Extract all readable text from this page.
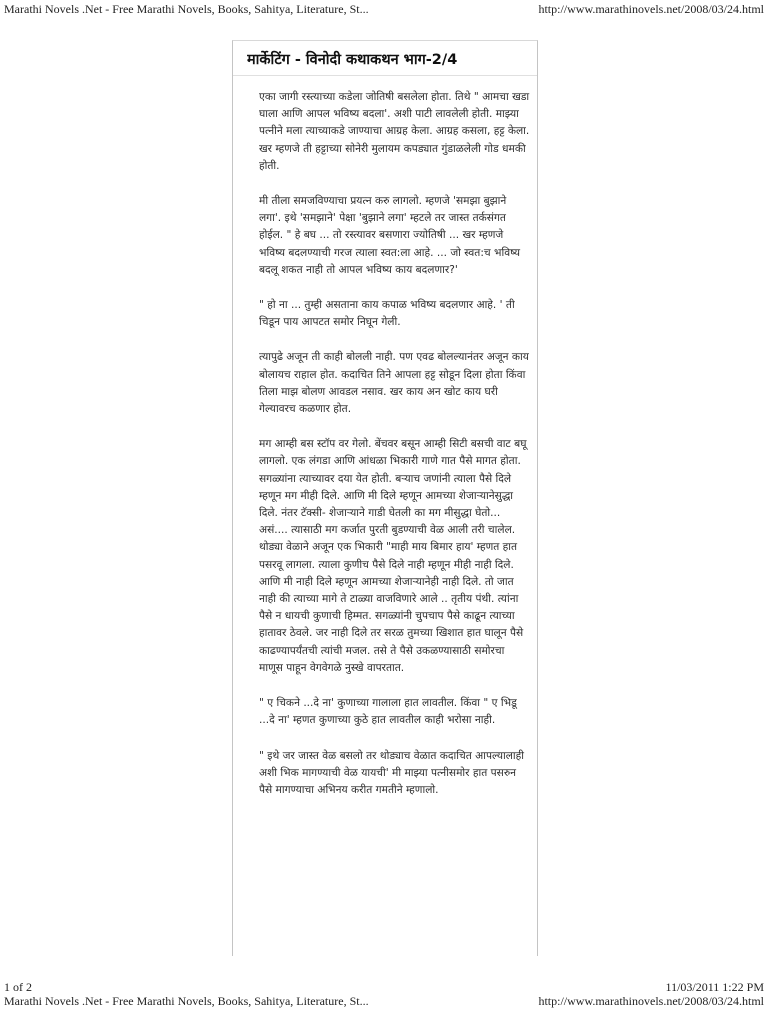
Marathi Novels .Net - Free Marathi Novels, Books, Sahitya, Literature, St...	http://www.marathinovels.net/2008/03/24.html
मार्केटिंग - विनोदी कथाकथन भाग-2/4

एका जागी रस्त्याच्या कडेला जोतिषी बसलेला होता. तिथे " आमचा खडा घाला आणि आपल भविष्य बदला'. अशी पाटी लावलेली होती. माझ्या पत्नीने मला त्याच्याकडे जाण्याचा आग्रह केला. आग्रह कसला, हट्ट केला. खर म्हणजे ती हट्टाच्या सोनेरी मुलायम कपड्यात गुंडाळलेली गोड धमकी होती.

मी तीला समजविण्याचा प्रयत्न करु लागलो. म्हणजे 'समझा बुझाने लगा'. इथे 'समझाने' पेक्षा 'बुझाने लगा' म्हटले तर जास्त तर्कसंगत होईल. " हे बघ ... तो रस्त्यावर बसणारा ज्योतिषी ... खर म्हणजे भविष्य बदलण्याची गरज त्याला स्वत:ला आहे. ... जो स्वत:च भविष्य बदलू शकत नाही तो आपल भविष्य काय बदलणार?'

" हो ना ... तुम्ही असताना काय कपाळ भविष्य बदलणार आहे. ' ती चिडून पाय आपटत समोर निघून गेली.

त्यापुढे अजून ती काही बोलली नाही. पण एवढ बोलल्यानंतर अजून काय बोलायच राहाल होत. कदाचित तिने आपला हट्ट सोडून दिला होता किंवा तिला माझ बोलण आवडल नसाव. खर काय अन खोट काय घरी गेल्यावरच कळणार होत.

मग आम्ही बस स्टॉप वर गेलो. बेंचवर बसून आम्ही सिटी बसची वाट बघू लागलो. एक लंगडा आणि आंधळा भिकारी गाणे गात पैसे मागत होता. सगळ्यांना त्याच्यावर दया येत होती. बऱ्याच जणांनी त्याला पैसे दिले म्हणून मग मीही दिले. आणि मी दिले म्हणून आमच्या शेजाऱ्यानेसुद्धा दिले. नंतर टॅक्सी- शेजाऱ्याने गाडी घेतली का मग मीसुद्धा घेतो... असं.... त्यासाठी मग कर्जात पुरती बुडण्याची वेळ आली तरी चालेल. थोड्या वेळाने अजून एक भिकारी "माही माय बिमार हाय' म्हणत हात पसरवू लागला. त्याला कुणीच पैसे दिले नाही म्हणून मीही नाही दिले. आणि मी नाही दिले म्हणून आमच्या शेजाऱ्यानेही नाही दिले. तो जात नाही की त्याच्या मागे ते टाळ्या वाजविणारे आले .. तृतीय पंथी. त्यांना पैसे न धायची कुणाची हिम्मत. सगळ्यांनी चुपचाप पैसे काढून त्याच्या हातावर ठेवले. जर नाही दिले तर सरळ तुमच्या खिशात हात घालून पैसे काढण्यापर्यंतची त्यांची मजल. तसे ते पैसे उकळण्यासाठी समोरचा माणूस पाहून वेगवेगळे नुस्खे वापरतात.

" ए चिकने ...दे ना' कुणाच्या गालाला हात लावतील. किंवा " ए भिडू ...दे ना' म्हणत कुणाच्या कुठे हात लावतील काही भरोसा नाही.

" इथे जर जास्त वेळ बसलो तर थोड्याच वेळात कदाचित आपल्यालाही अशी भिक मागण्याची वेळ यायची' मी माझ्या पत्नीसमोर हात पसरुन पैसे मागण्याचा अभिनय करीत गमतीने म्हणालो.

1 of 2	11/03/2011 1:22 PM
Marathi Novels .Net - Free Marathi Novels, Books, Sahitya, Literature, St...	http://www.marathinovels.net/2008/03/24.html
